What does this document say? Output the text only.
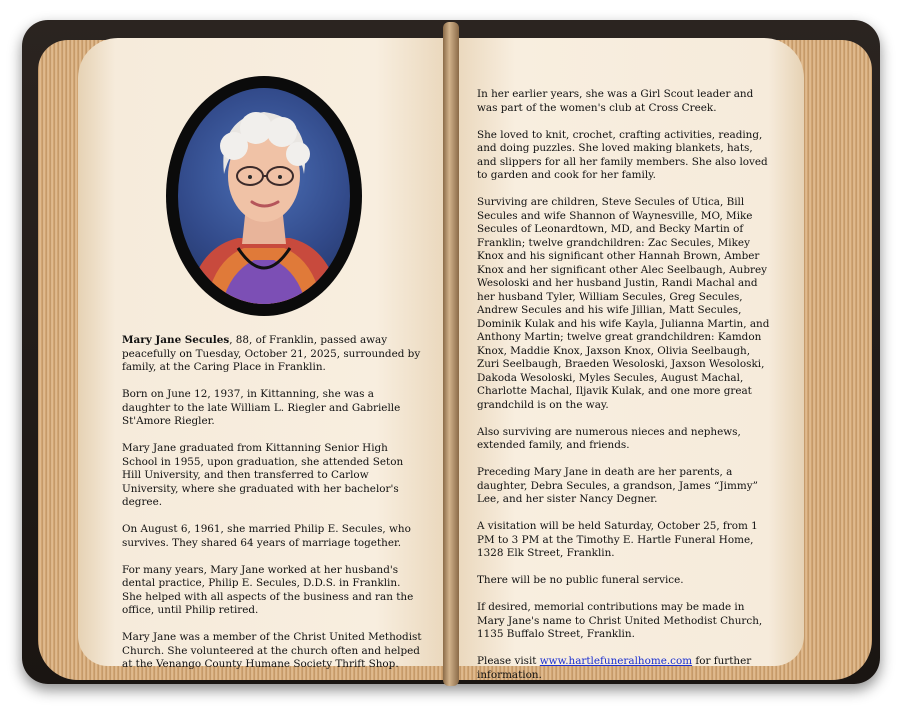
Mary Jane Secules, 88, of Franklin, passed away peacefully on Tuesday, October 21, 2025, surrounded by family, at the Caring Place in Franklin.

Born on June 12, 1937, in Kittanning, she was a daughter to the late William L. Riegler and Gabrielle St'Amore Riegler.

Mary Jane graduated from Kittanning Senior High School in 1955, upon graduation, she attended Seton Hill University, and then transferred to Carlow University, where she graduated with her bachelor's degree.

On August 6, 1961, she married Philip E. Secules, who survives. They shared 64 years of marriage together.

For many years, Mary Jane worked at her husband's dental practice, Philip E. Secules, D.D.S. in Franklin. She helped with all aspects of the business and ran the office, until Philip retired.

Mary Jane was a member of the Christ United Methodist Church. She volunteered at the church often and helped at the Venango County Humane Society Thrift Shop.

In her earlier years, she was a Girl Scout leader and was part of the women's club at Cross Creek.

She loved to knit, crochet, crafting activities, reading, and doing puzzles. She loved making blankets, hats, and slippers for all her family members. She also loved to garden and cook for her family.

Surviving are children, Steve Secules of Utica, Bill Secules and wife Shannon of Waynesville, MO, Mike Secules of Leonardtown, MD, and Becky Martin of Franklin; twelve grandchildren: Zac Secules, Mikey Knox and his significant other Hannah Brown, Amber Knox and her significant other Alec Seelbaugh, Aubrey Wesoloski and her husband Justin, Randi Machal and her husband Tyler, William Secules, Greg Secules, Andrew Secules and his wife Jillian, Matt Secules, Dominik Kulak and his wife Kayla, Julianna Martin, and Anthony Martin; twelve great grandchildren: Kamdon Knox, Maddie Knox, Jaxson Knox, Olivia Seelbaugh, Zuri Seelbaugh, Braeden Wesoloski, Jaxson Wesoloski, Dakoda Wesoloski, Myles Secules, August Machal, Charlotte Machal, Iljavik Kulak, and one more great grandchild is on the way.

Also surviving are numerous nieces and nephews, extended family, and friends.

Preceding Mary Jane in death are her parents, a daughter, Debra Secules, a grandson, James “Jimmy” Lee, and her sister Nancy Degner.

A visitation will be held Saturday, October 25, from 1 PM to 3 PM at the Timothy E. Hartle Funeral Home, 1328 Elk Street, Franklin.

There will be no public funeral service.

If desired, memorial contributions may be made in Mary Jane's name to Christ United Methodist Church, 1135 Buffalo Street, Franklin.

Please visit www.hartlefuneralhome.com for further information.
